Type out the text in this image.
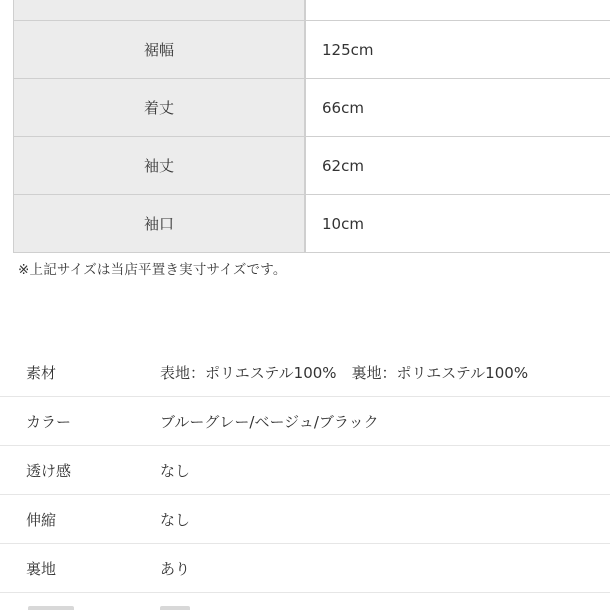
裾幅	125cm
着丈	66cm
袖丈	62cm
袖口	10cm
※上記サイズは当店平置き実寸サイズです。
素材	表地：ポリエステル100%　裏地：ポリエステル100%
カラー	ブルーグレー/ベージュ/ブラック
透け感	なし
伸縮	なし
裏地	あり
